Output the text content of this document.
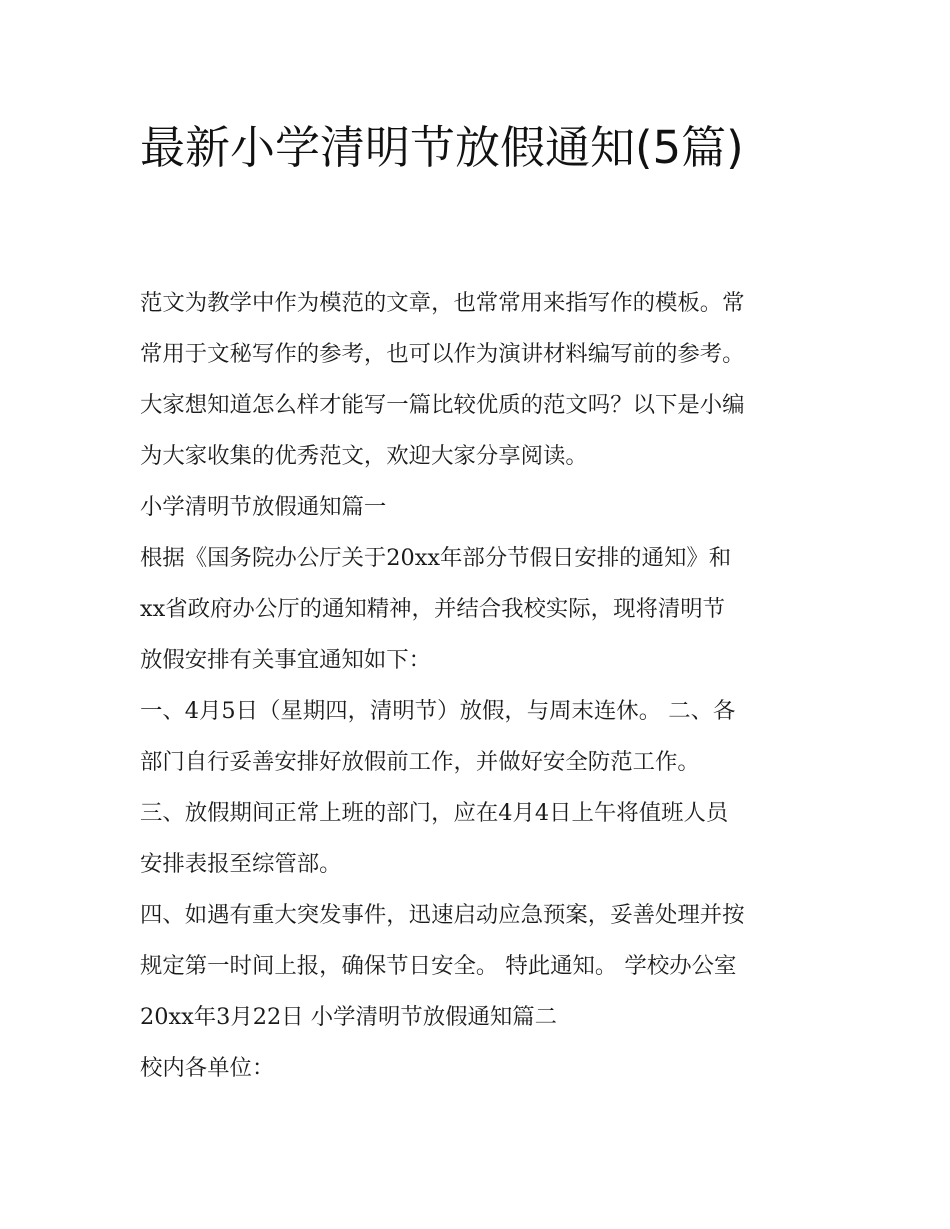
最新小学清明节放假通知(5篇)
范文为教学中作为模范的文章，也常常用来指写作的模板。常
常用于文秘写作的参考，也可以作为演讲材料编写前的参考。
大家想知道怎么样才能写一篇比较优质的范文吗？以下是小编
为大家收集的优秀范文，欢迎大家分享阅读。
小学清明节放假通知篇一
根据《国务院办公厅关于20xx年部分节假日安排的通知》和
xx省政府办公厅的通知精神，并结合我校实际，现将清明节
放假安排有关事宜通知如下：
一、4月5日（星期四，清明节）放假，与周末连休。 二、各
部门自行妥善安排好放假前工作，并做好安全防范工作。
三、放假期间正常上班的部门，应在4月4日上午将值班人员
安排表报至综管部。
四、如遇有重大突发事件，迅速启动应急预案，妥善处理并按
规定第一时间上报，确保节日安全。 特此通知。 学校办公室
20xx年3月22日 小学清明节放假通知篇二
校内各单位：
